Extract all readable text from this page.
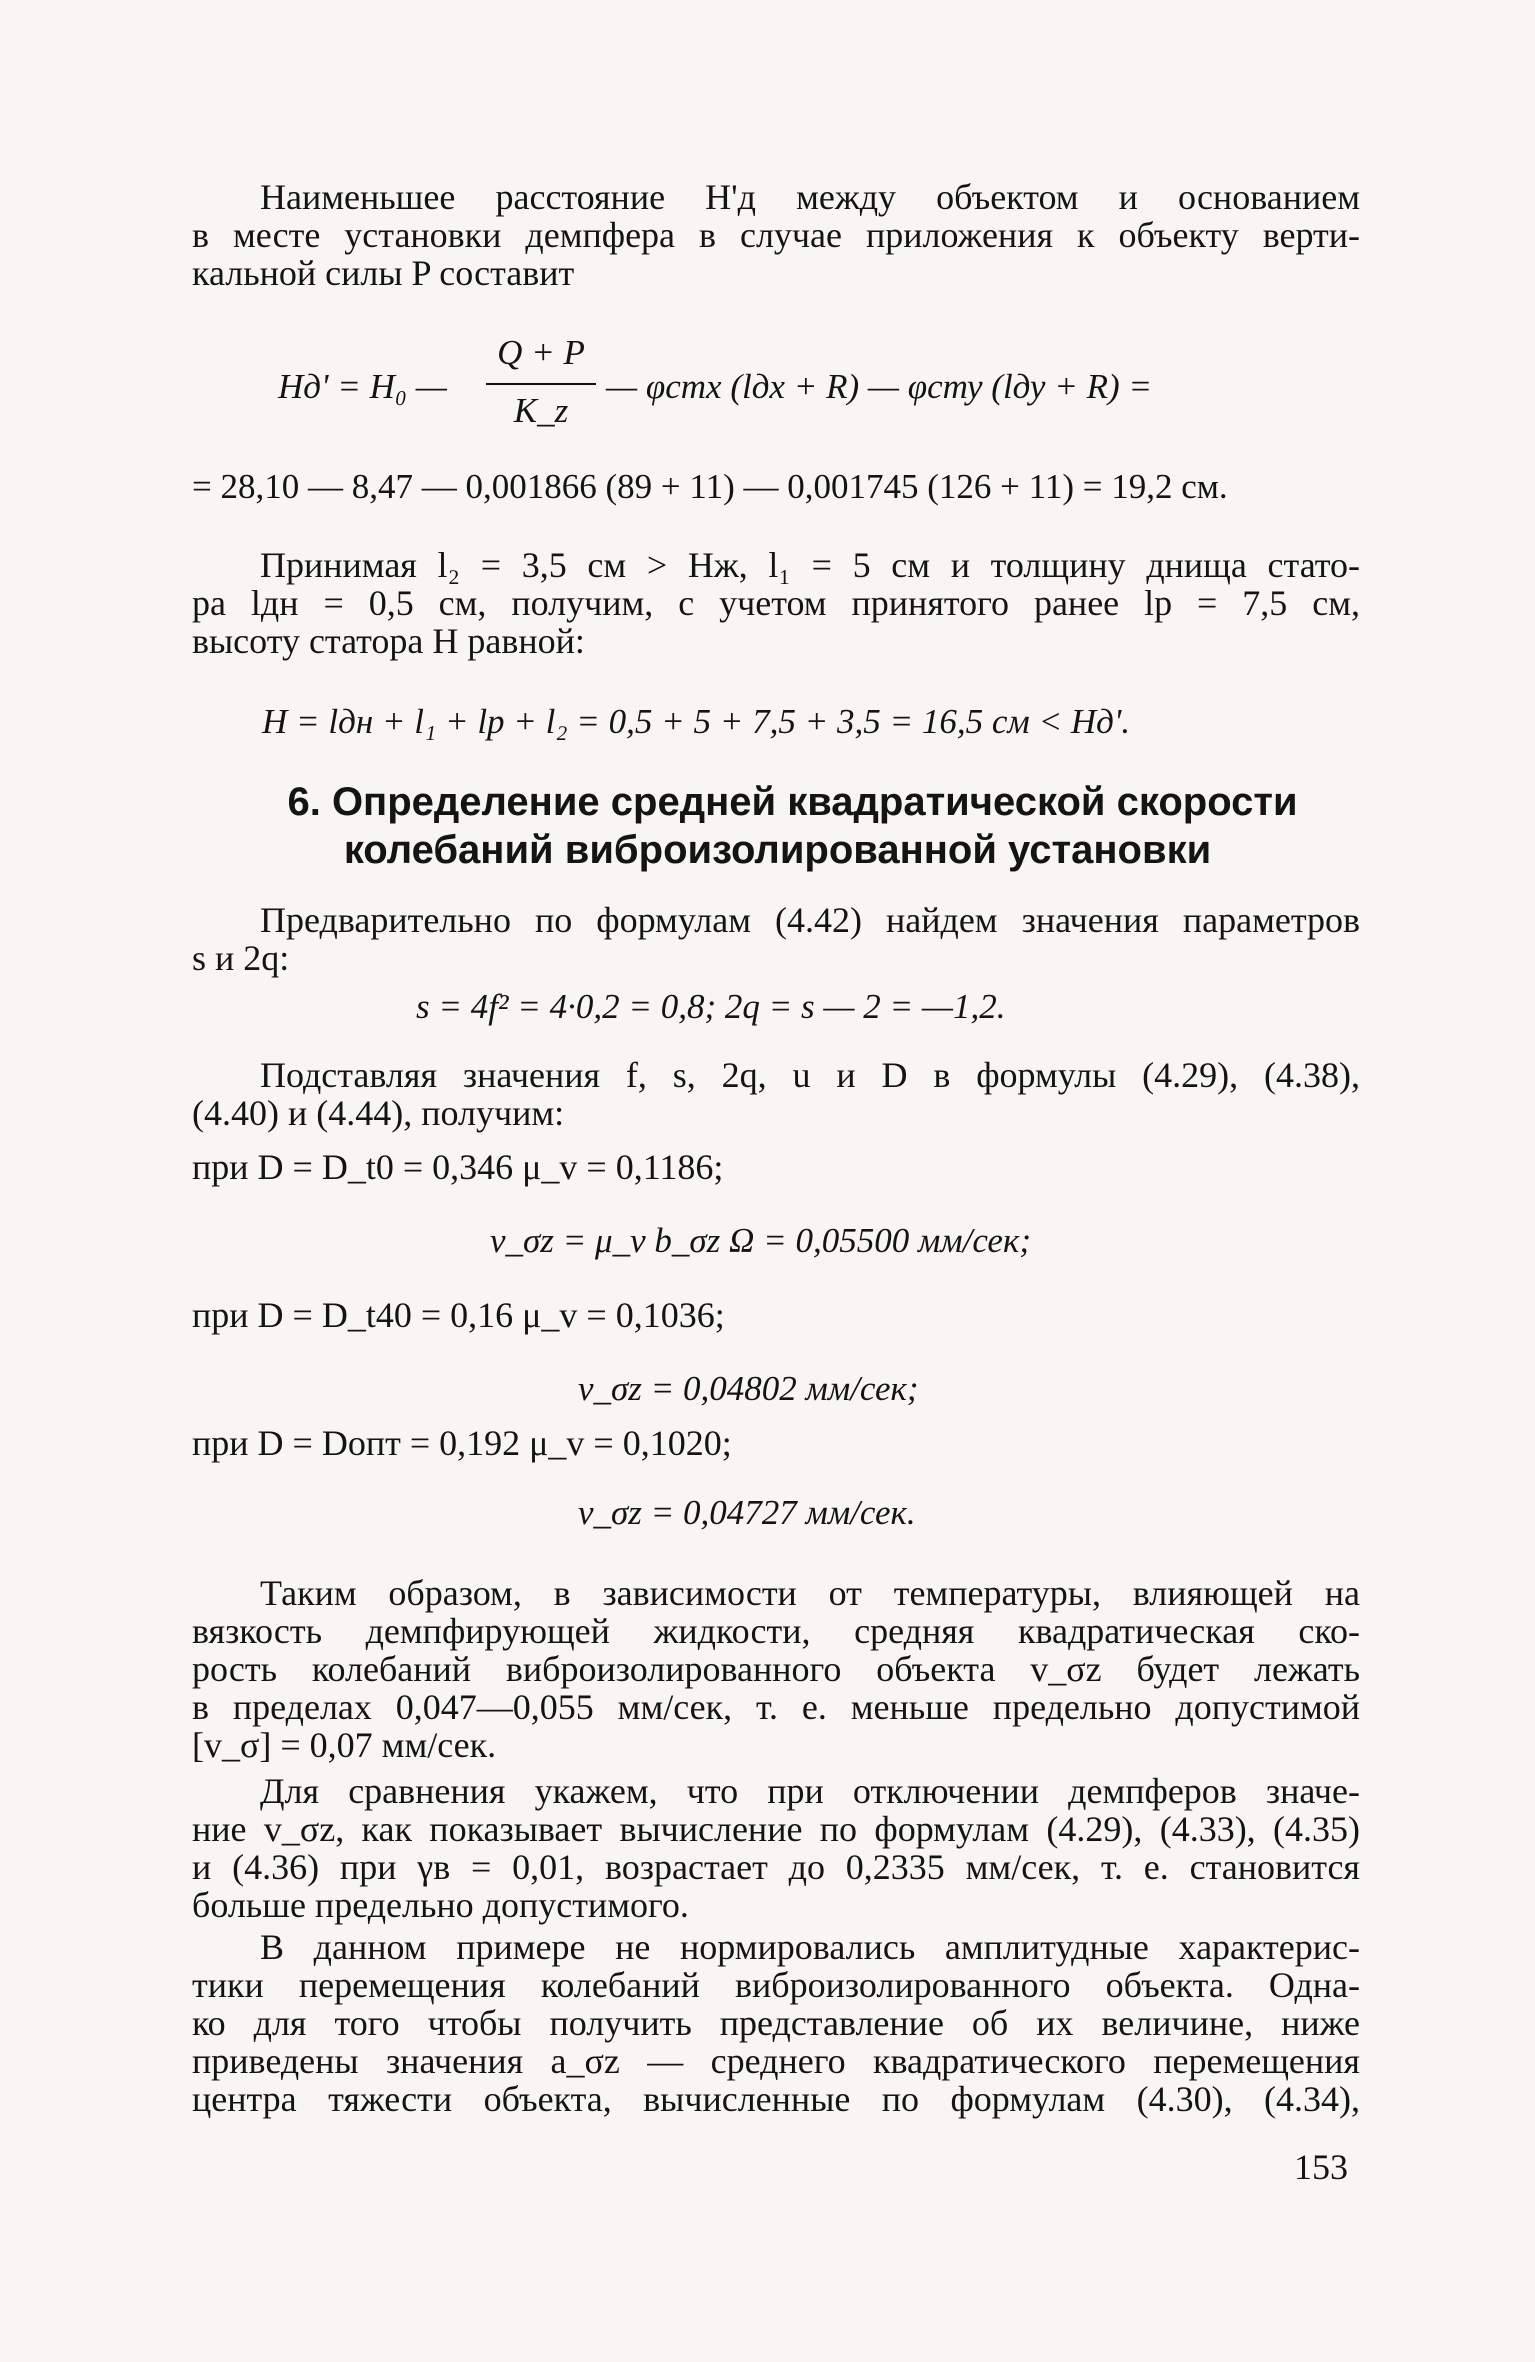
Наименьшее расстояние H'д между объектом и основанием
в месте установки демпфера в случае приложения к объекту верти-
кальной силы P составит
Hд' = H₀ —
Q + P
K_z
— φстх (lдх + R) — φсту (lду + R) =
= 28,10 — 8,47 — 0,001866 (89 + 11) — 0,001745 (126 + 11) = 19,2 см.
Принимая l₂ = 3,5 см > Hж, l₁ = 5 см и толщину днища стато-
ра lдн = 0,5 см, получим, с учетом принятого ранее lр = 7,5 см,
высоту статора H равной:
H = lдн + l₁ + lр + l₂ = 0,5 + 5 + 7,5 + 3,5 = 16,5 см < Hд'.
6. Определение средней квадратической скорости
колебаний виброизолированной установки
Предварительно по формулам (4.42) найдем значения параметров
s и 2q:
s = 4f² = 4·0,2 = 0,8; 2q = s — 2 = —1,2.
Подставляя значения f, s, 2q, u и D в формулы (4.29), (4.38),
(4.40) и (4.44), получим:
при D = D_t0 = 0,346 μ_v = 0,1186;
v_σz = μ_v b_σz Ω = 0,05500 мм/сек;
при D = D_t40 = 0,16 μ_v = 0,1036;
v_σz = 0,04802 мм/сек;
при D = Dопт = 0,192 μ_v = 0,1020;
v_σz = 0,04727 мм/сек.
Таким образом, в зависимости от температуры, влияющей на
вязкость демпфирующей жидкости, средняя квадратическая ско-
рость колебаний виброизолированного объекта v_σz будет лежать
в пределах 0,047—0,055 мм/сек, т. е. меньше предельно допустимой
[v_σ] = 0,07 мм/сек.
Для сравнения укажем, что при отключении демпферов значе-
ние v_σz, как показывает вычисление по формулам (4.29), (4.33), (4.35)
и (4.36) при γв = 0,01, возрастает до 0,2335 мм/сек, т. е. становится
больше предельно допустимого.
В данном примере не нормировались амплитудные характерис-
тики перемещения колебаний виброизолированного объекта. Одна-
ко для того чтобы получить представление об их величине, ниже
приведены значения a_σz — среднего квадратического перемещения
центра тяжести объекта, вычисленные по формулам (4.30), (4.34),
153
